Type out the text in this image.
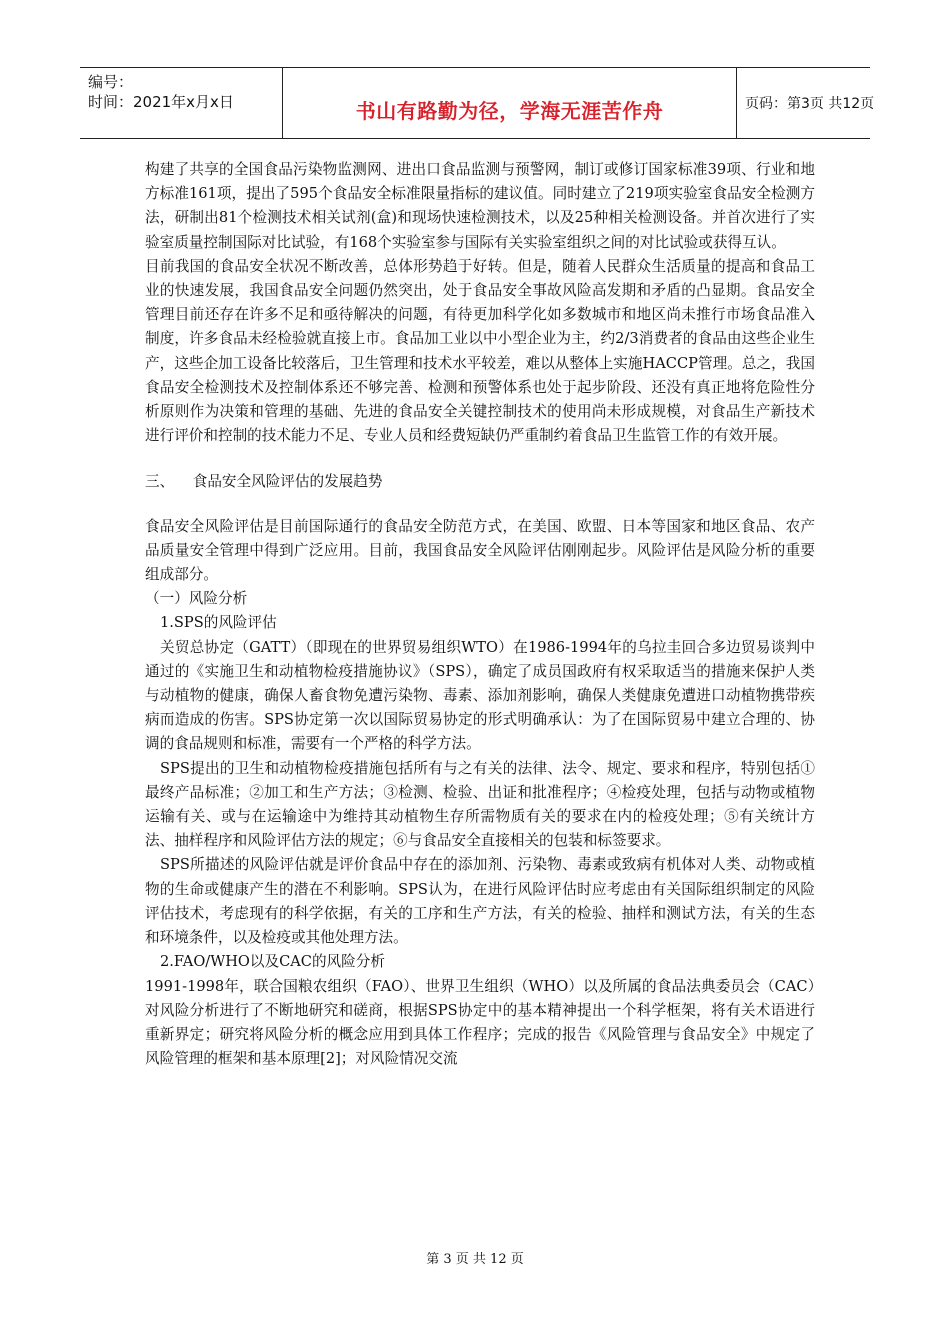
编号：
时间：2021年x月x日	书山有路勤为径，学海无涯苦作舟	页码：第3页 共12页

构建了共享的全国食品污染物监测网、进出口食品监测与预警网，制订或修订国家标准39项、行业和地方标准161项，提出了595个食品安全标准限量指标的建议值。同时建立了219项实验室食品安全检测方法，研制出81个检测技术相关试剂(盒)和现场快速检测技术，以及25种相关检测设备。并首次进行了实验室质量控制国际对比试验，有168个实验室参与国际有关实验室组织之间的对比试验或获得互认。

目前我国的食品安全状况不断改善，总体形势趋于好转。但是，随着人民群众生活质量的提高和食品工业的快速发展，我国食品安全问题仍然突出，处于食品安全事故风险高发期和矛盾的凸显期。食品安全管理目前还存在许多不足和亟待解决的问题，有待更加科学化如多数城市和地区尚未推行市场食品准入制度，许多食品未经检验就直接上市。食品加工业以中小型企业为主，约2/3消费者的食品由这些企业生产，这些企加工设备比较落后，卫生管理和技术水平较差，难以从整体上实施HACCP管理。总之，我国食品安全检测技术及控制体系还不够完善、检测和预警体系也处于起步阶段、还没有真正地将危险性分析原则作为决策和管理的基础、先进的食品安全关键控制技术的使用尚未形成规模，对食品生产新技术进行评价和控制的技术能力不足、专业人员和经费短缺仍严重制约着食品卫生监管工作的有效开展。

三、    食品安全风险评估的发展趋势

食品安全风险评估是目前国际通行的食品安全防范方式，在美国、欧盟、日本等国家和地区食品、农产品质量安全管理中得到广泛应用。目前，我国食品安全风险评估刚刚起步。风险评估是风险分析的重要组成部分。

（一）风险分析

1.SPS的风险评估

关贸总协定（GATT）（即现在的世界贸易组织WTO）在1986-1994年的乌拉圭回合多边贸易谈判中通过的《实施卫生和动植物检疫措施协议》（SPS），确定了成员国政府有权采取适当的措施来保护人类与动植物的健康，确保人畜食物免遭污染物、毒素、添加剂影响，确保人类健康免遭进口动植物携带疾病而造成的伤害。SPS协定第一次以国际贸易协定的形式明确承认：为了在国际贸易中建立合理的、协调的食品规则和标准，需要有一个严格的科学方法。

SPS提出的卫生和动植物检疫措施包括所有与之有关的法律、法令、规定、要求和程序，特别包括①最终产品标准；②加工和生产方法；③检测、检验、出证和批准程序；④检疫处理，包括与动物或植物运输有关、或与在运输途中为维持其动植物生存所需物质有关的要求在内的检疫处理；⑤有关统计方法、抽样程序和风险评估方法的规定；⑥与食品安全直接相关的包装和标签要求。

SPS所描述的风险评估就是评价食品中存在的添加剂、污染物、毒素或致病有机体对人类、动物或植物的生命或健康产生的潜在不利影响。SPS认为，在进行风险评估时应考虑由有关国际组织制定的风险评估技术，考虑现有的科学依据，有关的工序和生产方法，有关的检验、抽样和测试方法，有关的生态和环境条件，以及检疫或其他处理方法。

2.FAO/WHO以及CAC的风险分析

1991-1998年，联合国粮农组织（FAO）、世界卫生组织（WHO）以及所属的食品法典委员会（CAC）对风险分析进行了不断地研究和磋商，根据SPS协定中的基本精神提出一个科学框架，将有关术语进行重新界定；研究将风险分析的概念应用到具体工作程序；完成的报告《风险管理与食品安全》中规定了风险管理的框架和基本原理[2]；对风险情况交流

第 3 页 共 12 页
